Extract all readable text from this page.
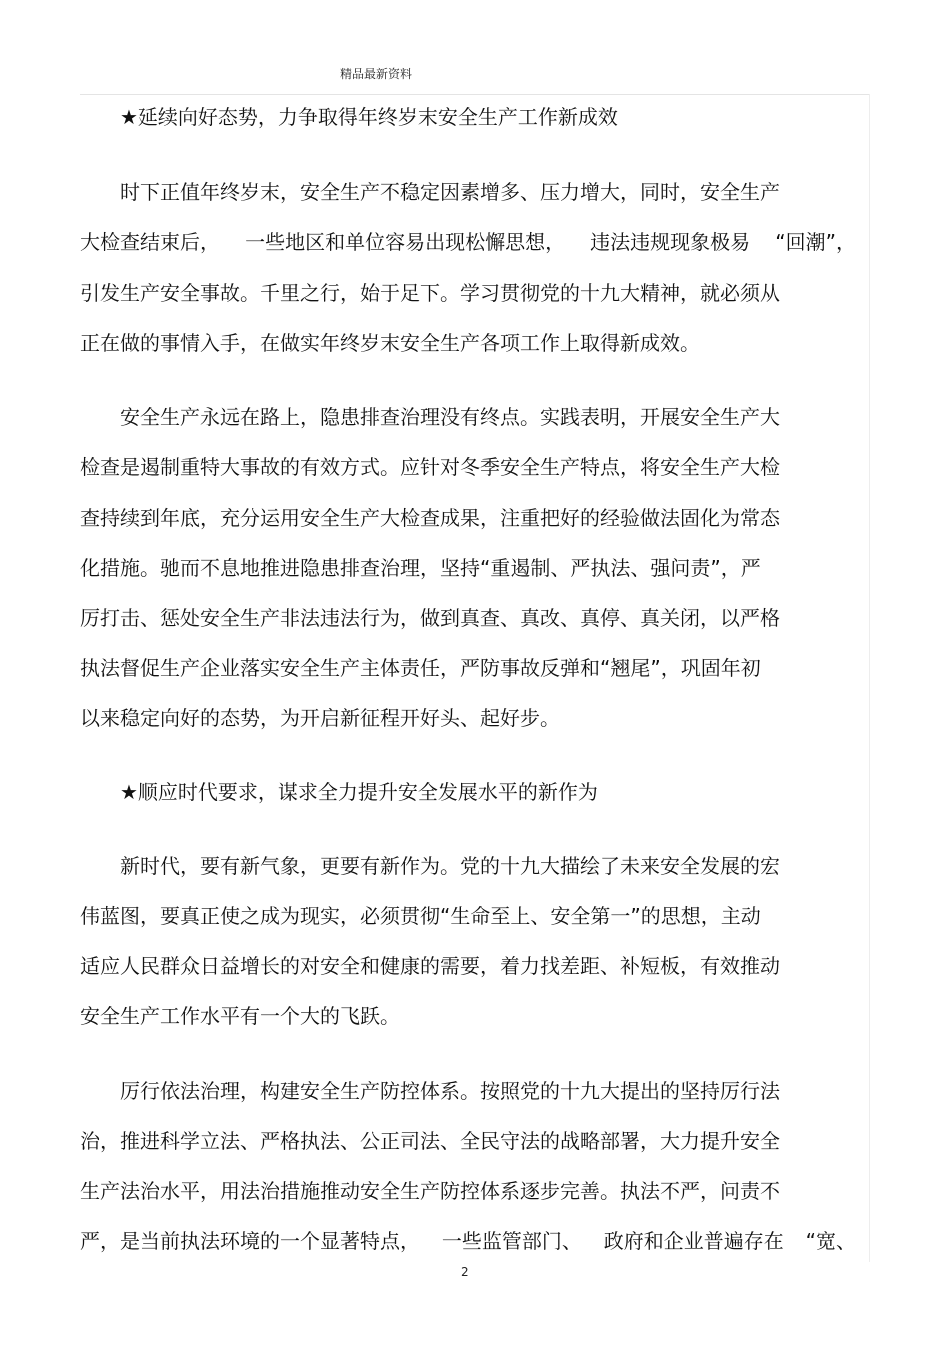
精品最新资料
★延续向好态势，力争取得年终岁末安全生产工作新成效
时下正值年终岁末，安全生产不稳定因素增多、压力增大，同时，安全生产
大检查结束后， 一些地区和单位容易出现松懈思想， 违法违规现象极易 “回潮”，
引发生产安全事故。千里之行，始于足下。学习贯彻党的十九大精神，就必须从
正在做的事情入手，在做实年终岁末安全生产各项工作上取得新成效。
安全生产永远在路上，隐患排查治理没有终点。实践表明，开展安全生产大
检查是遏制重特大事故的有效方式。应针对冬季安全生产特点，将安全生产大检
查持续到年底，充分运用安全生产大检查成果，注重把好的经验做法固化为常态
化措施。驰而不息地推进隐患排查治理，坚持“重遏制、严执法、强问责”，严
厉打击、惩处安全生产非法违法行为，做到真查、真改、真停、真关闭，以严格
执法督促生产企业落实安全生产主体责任，严防事故反弹和“翘尾”，巩固年初
以来稳定向好的态势，为开启新征程开好头、起好步。
★顺应时代要求，谋求全力提升安全发展水平的新作为
新时代，要有新气象，更要有新作为。党的十九大描绘了未来安全发展的宏
伟蓝图，要真正使之成为现实，必须贯彻“生命至上、安全第一”的思想，主动
适应人民群众日益增长的对安全和健康的需要，着力找差距、补短板，有效推动
安全生产工作水平有一个大的飞跃。
厉行依法治理，构建安全生产防控体系。按照党的十九大提出的坚持厉行法
治，推进科学立法、严格执法、公正司法、全民守法的战略部署，大力提升安全
生产法治水平，用法治措施推动安全生产防控体系逐步完善。执法不严，问责不
严，是当前执法环境的一个显著特点， 一些监管部门、 政府和企业普遍存在 “宽、
2
